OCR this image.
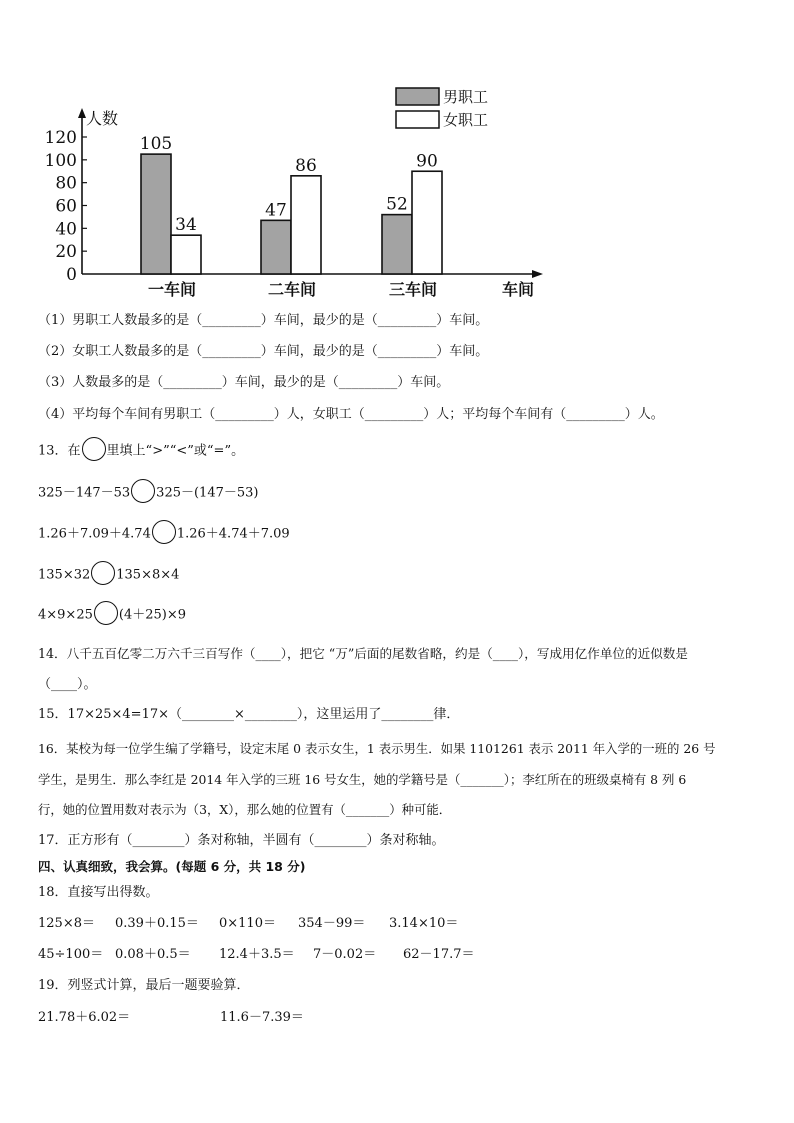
0
20
40
60
80
100
120
人数
车间
一车间	二车间	三车间
105
47	52
34
86	90
男职工
女职工
（1）男职工人数最多的是（_________）车间，最少的是（_________）车间。
（2）女职工人数最多的是（_________）车间，最少的是（_________）车间。
（3）人数最多的是（_________）车间，最少的是（_________）车间。
（4）平均每个车间有男职工（_________）人，女职工（_________）人；平均每个车间有（_________）人。
13．在 里填上“>”“<”或“=”。
325－147－53 325－(147－53)
1.26＋7.09＋4.74 1.26＋4.74＋7.09
135×32 135×8×4
4×9×25 (4＋25)×9
14．八千五百亿零二万六千三百写作（____），把它 “万”后面的尾数省略，约是（____），写成用亿作单位的近似数是
（____）。
15．17×25×4=17×（________×________），这里运用了________律．
16．某校为每一位学生编了学籍号，设定末尾 0 表示女生，1 表示男生．如果 1101261 表示 2011 年入学的一班的 26 号
学生，是男生．那么李红是 2014 年入学的三班 16 号女生，她的学籍号是（_______）；李红所在的班级桌椅有 8 列 6
行，她的位置用数对表示为（3，X），那么她的位置有（_______）种可能．
17．正方形有（________）条对称轴，半圆有（________）条对称轴。
四、认真细致，我会算。(每题 6 分，共 18 分)
18．直接写出得数。
125×8＝ 0.39＋0.15＝ 0×110＝ 354－99＝ 3.14×10＝
45÷100＝ 0.08＋0.5＝ 12.4＋3.5＝ 7－0.02＝ 62－17.7＝
19．列竖式计算，最后一题要验算．
21.78＋6.02＝	11.6－7.39＝
